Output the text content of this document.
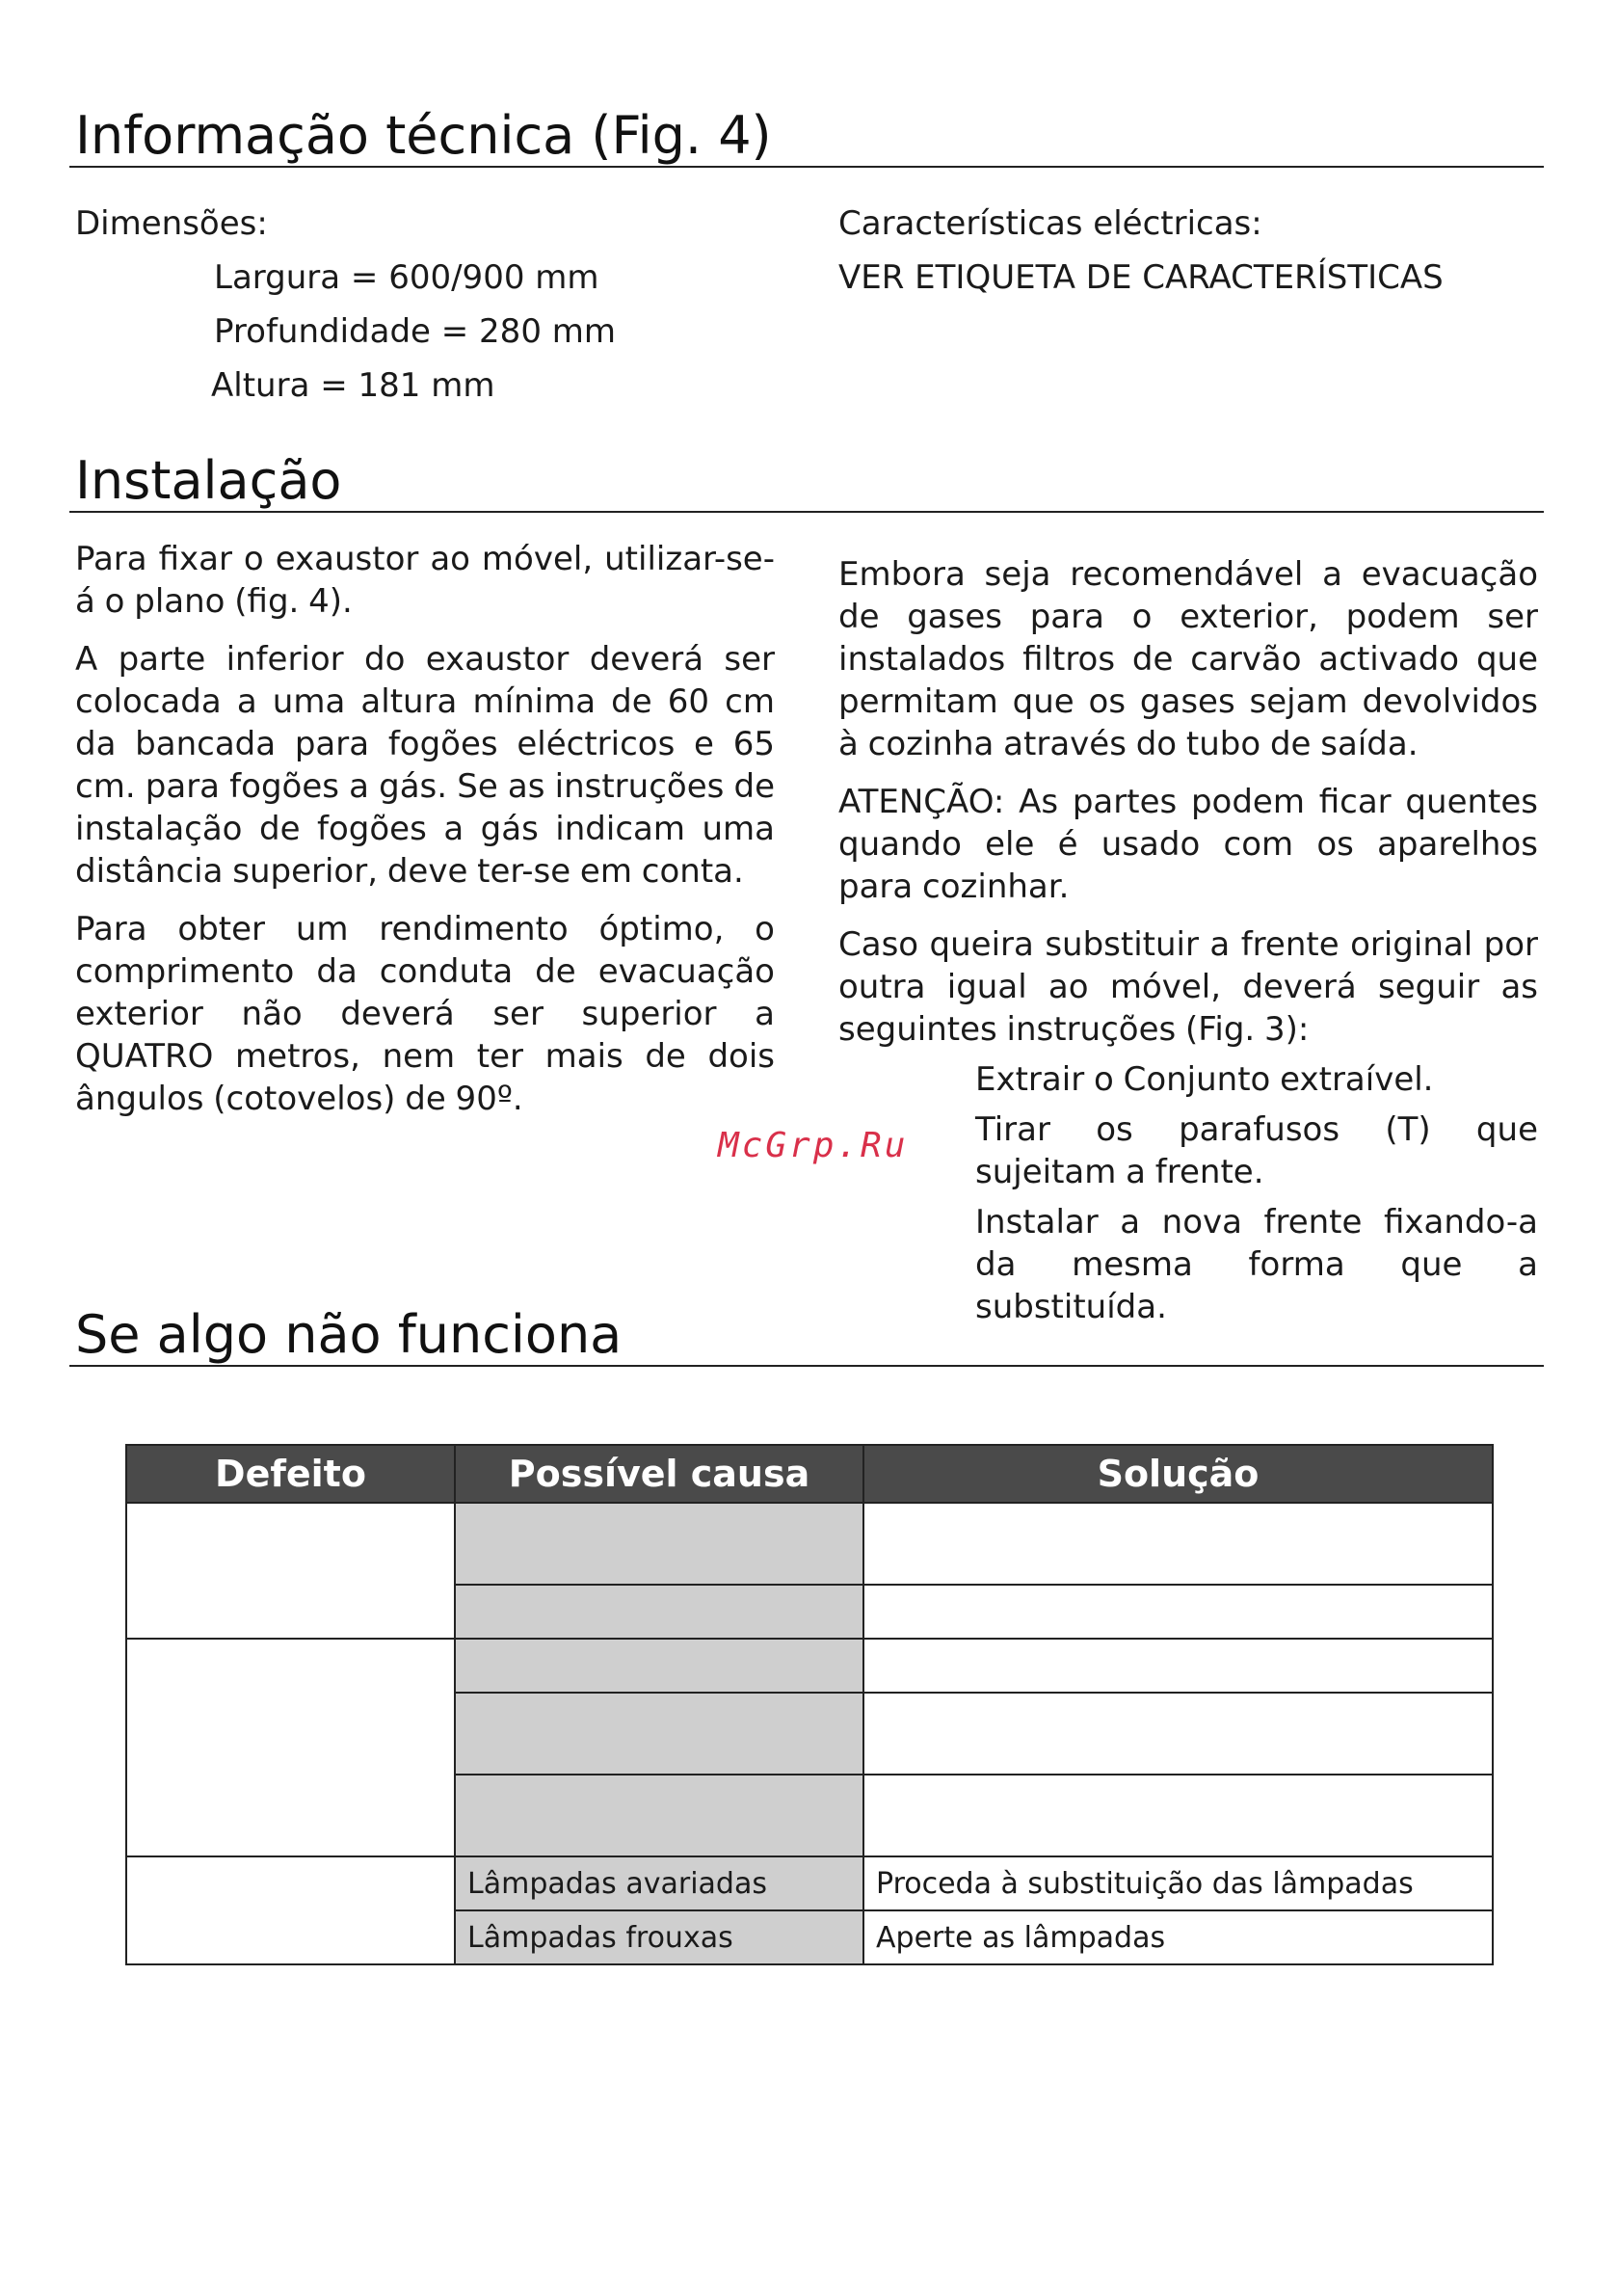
Informação técnica (Fig. 4)

Dimensões:

Largura = 600/900 mm

Profundidade = 280 mm

Altura = 181 mm

Características eléctricas:

VER ETIQUETA DE CARACTERÍSTICAS

Instalação

Para fixar o exaustor ao móvel, utilizar-se-á o plano (fig. 4).

A parte inferior do exaustor deverá ser colocada a uma altura mínima de 60 cm da bancada para fogões eléctricos e 65 cm. para fogões a gás. Se as instruções de instalação de fogões a gás indicam uma distância superior, deve ter-se em conta.

Para obter um rendimento óptimo, o comprimento da conduta de evacuação exterior não deverá ser superior a QUATRO metros, nem ter mais de dois ângulos (cotovelos) de 90º.

Embora seja recomendável a evacuação de gases para o exterior, podem ser instalados filtros de carvão activado que permitam que os gases sejam devolvidos à cozinha através do tubo de saída.

ATENÇÃO: As partes podem ficar quentes quando ele é usado com os aparelhos para cozinhar.

Caso queira substituir a frente original por outra igual ao móvel, deverá seguir as seguintes instruções (Fig. 3):

Extrair o Conjunto extraível.

Tirar os parafusos (T) que sujeitam a frente.

Instalar a nova frente fixando-a da mesma forma que a substituída.

McGrp.Ru
Se algo não funciona
Defeito	Possível causa	Solução

	Lâmpadas avariadas	Proceda à substituição das lâmpadas
	Lâmpadas frouxas	Aperte as lâmpadas
